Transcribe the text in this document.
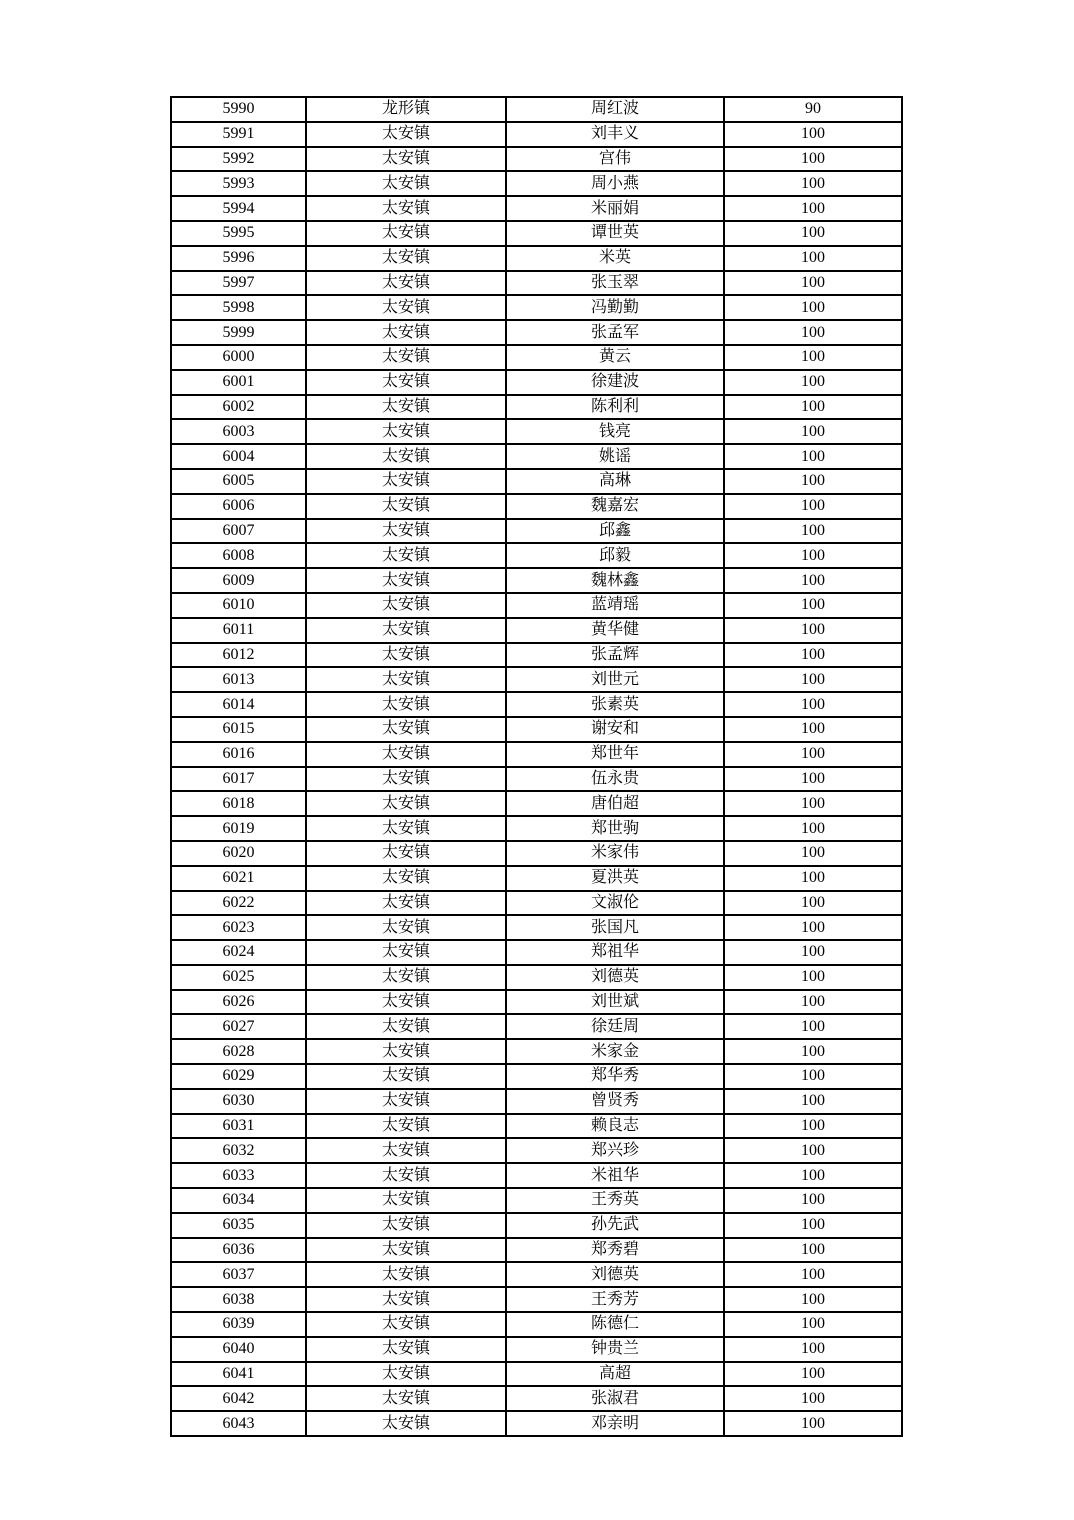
5990	龙形镇	周红波	90
5991	太安镇	刘丰义	100
5992	太安镇	宫伟	100
5993	太安镇	周小燕	100
5994	太安镇	米丽娟	100
5995	太安镇	谭世英	100
5996	太安镇	米英	100
5997	太安镇	张玉翠	100
5998	太安镇	冯勤勤	100
5999	太安镇	张孟军	100
6000	太安镇	黄云	100
6001	太安镇	徐建波	100
6002	太安镇	陈利利	100
6003	太安镇	钱亮	100
6004	太安镇	姚谣	100
6005	太安镇	高琳	100
6006	太安镇	魏嘉宏	100
6007	太安镇	邱鑫	100
6008	太安镇	邱毅	100
6009	太安镇	魏林鑫	100
6010	太安镇	蓝靖瑶	100
6011	太安镇	黄华健	100
6012	太安镇	张孟辉	100
6013	太安镇	刘世元	100
6014	太安镇	张素英	100
6015	太安镇	谢安和	100
6016	太安镇	郑世年	100
6017	太安镇	伍永贵	100
6018	太安镇	唐伯超	100
6019	太安镇	郑世驹	100
6020	太安镇	米家伟	100
6021	太安镇	夏洪英	100
6022	太安镇	文淑伦	100
6023	太安镇	张国凡	100
6024	太安镇	郑祖华	100
6025	太安镇	刘德英	100
6026	太安镇	刘世斌	100
6027	太安镇	徐廷周	100
6028	太安镇	米家金	100
6029	太安镇	郑华秀	100
6030	太安镇	曾贤秀	100
6031	太安镇	赖良志	100
6032	太安镇	郑兴珍	100
6033	太安镇	米祖华	100
6034	太安镇	王秀英	100
6035	太安镇	孙先武	100
6036	太安镇	郑秀碧	100
6037	太安镇	刘德英	100
6038	太安镇	王秀芳	100
6039	太安镇	陈德仁	100
6040	太安镇	钟贵兰	100
6041	太安镇	高超	100
6042	太安镇	张淑君	100
6043	太安镇	邓亲明	100
